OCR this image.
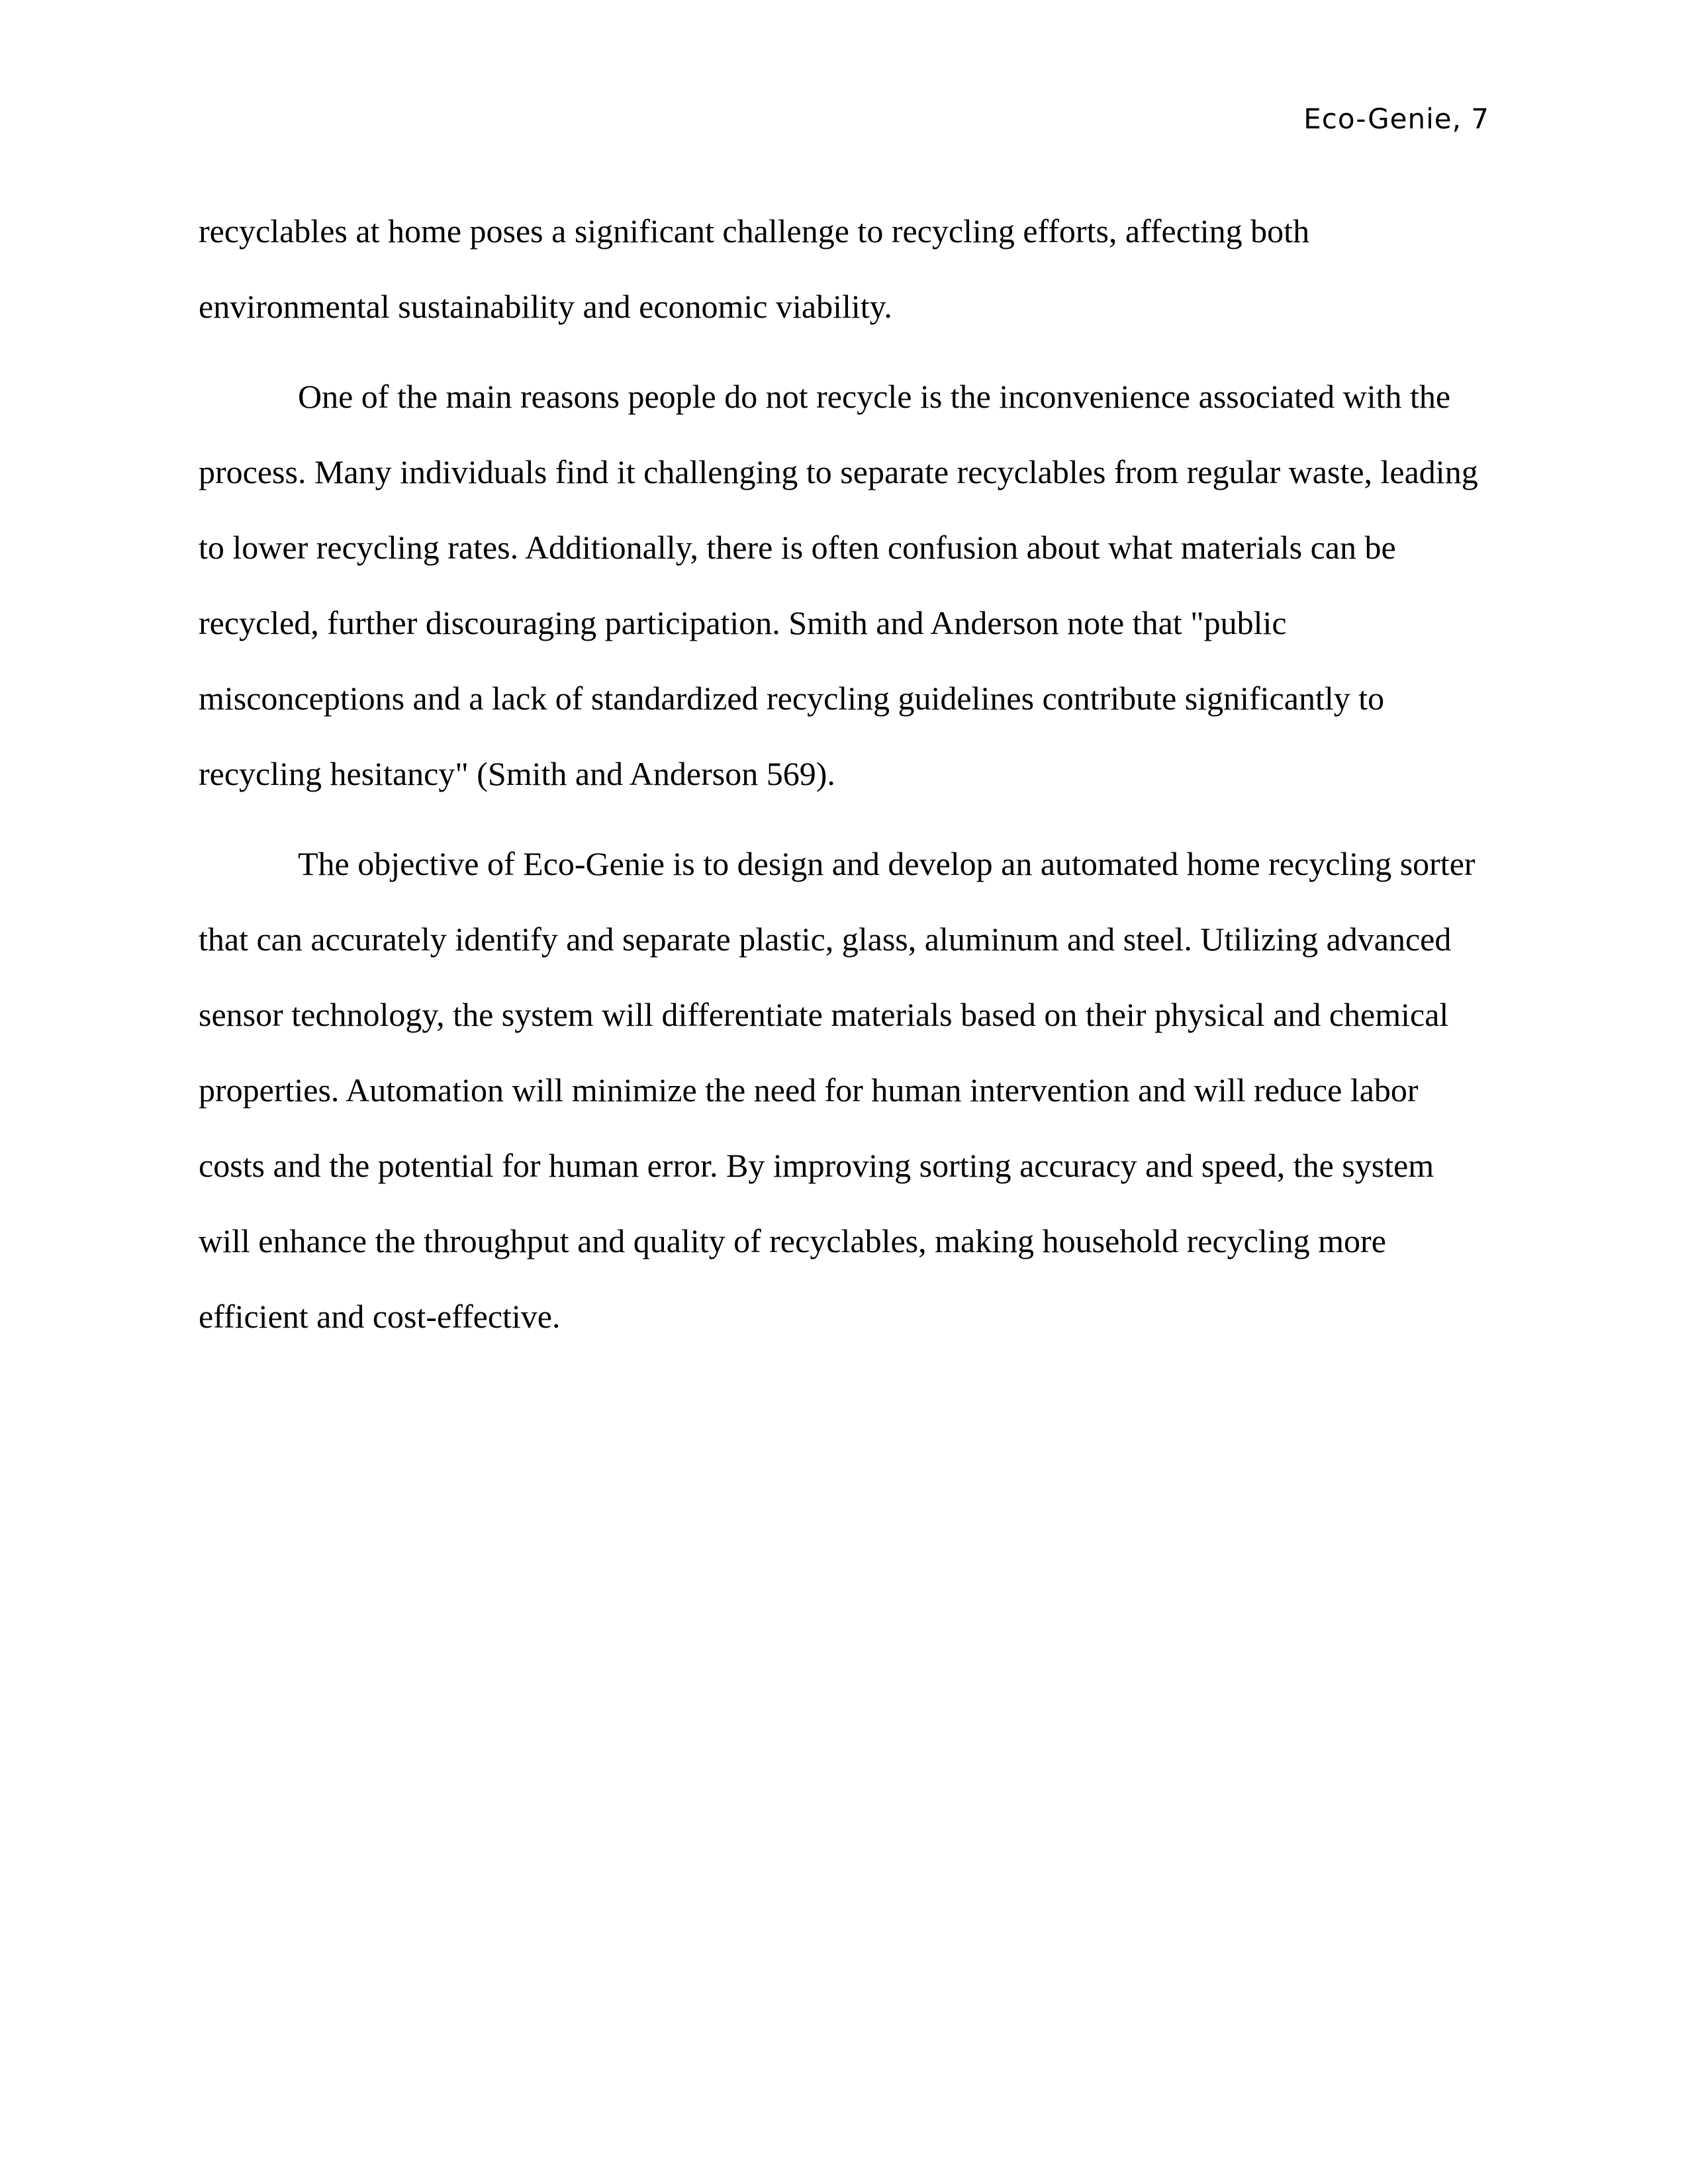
Eco-Genie, 7

recyclables at home poses a significant challenge to recycling efforts, affecting both environmental sustainability and economic viability.

One of the main reasons people do not recycle is the inconvenience associated with the process. Many individuals find it challenging to separate recyclables from regular waste, leading to lower recycling rates. Additionally, there is often confusion about what materials can be recycled, further discouraging participation. Smith and Anderson note that "public misconceptions and a lack of standardized recycling guidelines contribute significantly to recycling hesitancy" (Smith and Anderson 569).

The objective of Eco-Genie is to design and develop an automated home recycling sorter that can accurately identify and separate plastic, glass, aluminum and steel. Utilizing advanced sensor technology, the system will differentiate materials based on their physical and chemical properties. Automation will minimize the need for human intervention and will reduce labor costs and the potential for human error. By improving sorting accuracy and speed, the system will enhance the throughput and quality of recyclables, making household recycling more efficient and cost-effective.
